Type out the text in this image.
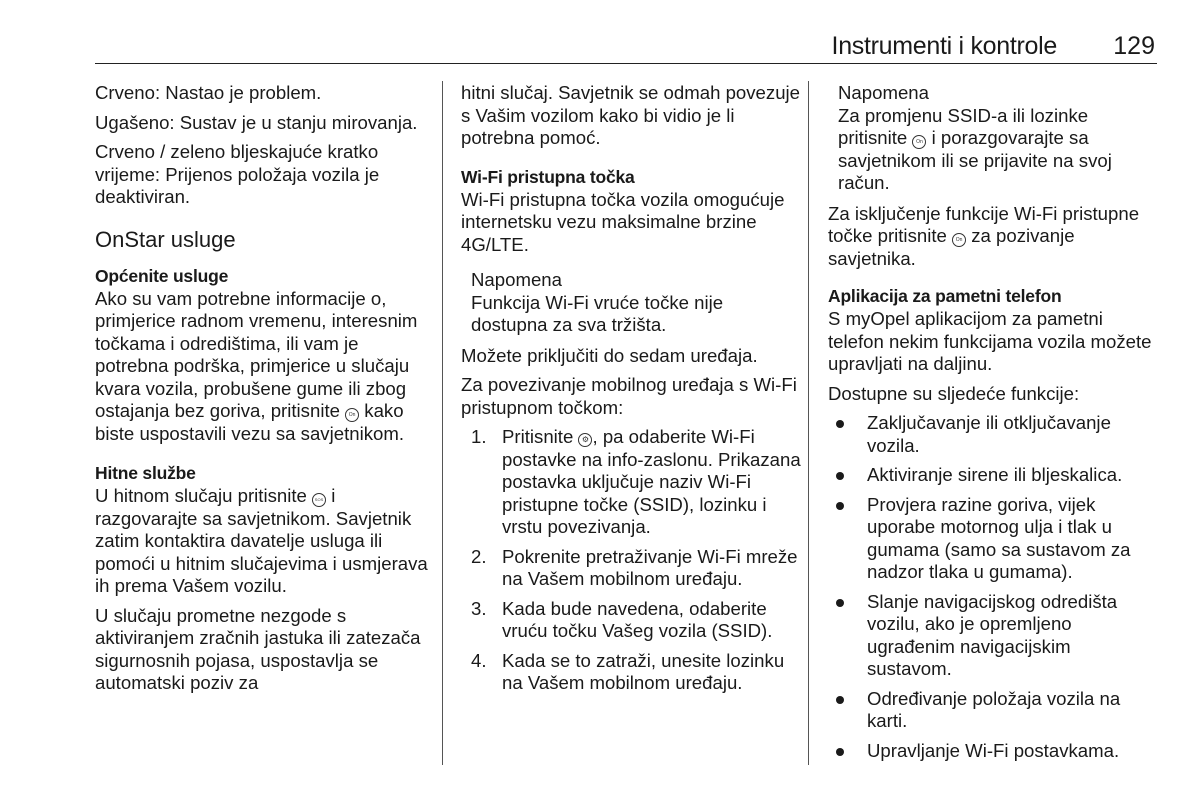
Instrumenti i kontrole 129

Crveno: Nastao je problem.

Ugašeno: Sustav je u stanju mirovanja.

Crveno / zeleno bljeskajuće kratko vrijeme: Prijenos položaja vozila je deaktiviran.

OnStar usluge
Općenite usluge

Ako su vam potrebne informacije o, primjerice radnom vremenu, interesnim točkama i odredištima, ili vam je potrebna podrška, primjerice u slučaju kvara vozila, probušene gume ili zbog ostajanja bez goriva, pritisnite On kako biste uspostavili vezu sa savjetnikom.

Hitne službe

U hitnom slučaju pritisnite SOS i razgovarajte sa savjetnikom. Savjetnik zatim kontaktira davatelje usluga ili pomoći u hitnim slučajevima i usmjerava ih prema Vašem vozilu.

U slučaju prometne nezgode s aktiviranjem zračnih jastuka ili zatezača sigurnosnih pojasa, uspostavlja se automatski poziv za

hitni slučaj. Savjetnik se odmah povezuje s Vašim vozilom kako bi vidio je li potrebna pomoć.

Wi-Fi pristupna točka

Wi-Fi pristupna točka vozila omogućuje internetsku vezu maksimalne brzine 4G/LTE.

Napomena
Funkcija Wi-Fi vruće točke nije dostupna za sva tržišta.

Možete priključiti do sedam uređaja.

Za povezivanje mobilnog uređaja s Wi-Fi pristupnom točkom:

1. Pritisnite ⚙ , pa odaberite Wi-Fi postavke na info-zaslonu. Prikazana postavka uključuje naziv Wi-Fi pristupne točke (SSID), lozinku i vrstu povezivanja.
2. Pokrenite pretraživanje Wi-Fi mreže na Vašem mobilnom uređaju.
3. Kada bude navedena, odaberite vruću točku Vašeg vozila (SSID).
4. Kada se to zatraži, unesite lozinku na Vašem mobilnom uređaju.
Napomena
Za promjenu SSID-a ili lozinke pritisnite On i porazgovarajte sa savjetnikom ili se prijavite na svoj račun.

Za isključenje funkcije Wi-Fi pristupne točke pritisnite On za pozivanje savjetnika.

Aplikacija za pametni telefon

S myOpel aplikacijom za pametni telefon nekim funkcijama vozila možete upravljati na daljinu.

Dostupne su sljedeće funkcije:

Zaključavanje ili otključavanje vozila.
Aktiviranje sirene ili bljeskalica.
Provjera razine goriva, vijek uporabe motornog ulja i tlak u gumama (samo sa sustavom za nadzor tlaka u gumama).
Slanje navigacijskog odredišta vozilu, ako je opremljeno ugrađenim navigacijskim sustavom.
Određivanje položaja vozila na karti.
Upravljanje Wi-Fi postavkama.
